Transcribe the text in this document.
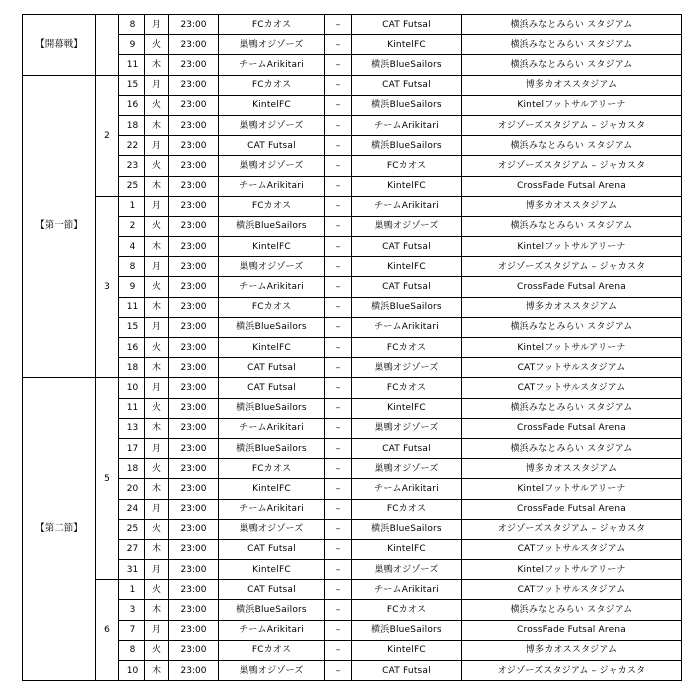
【開幕戦】		8	月	23:00	FCカオス	–	CAT Futsal	横浜みなとみらい スタジアム
		9	火	23:00	巣鴨オジゾーズ	–	KintelFC	横浜みなとみらい スタジアム
		11	木	23:00	チームArikitari	–	横浜BlueSailors	横浜みなとみらい スタジアム
【第一節】	2	15	月	23:00	FCカオス	–	CAT Futsal	博多カオススタジアム
		16	火	23:00	KintelFC	–	横浜BlueSailors	Kintelフットサルアリーナ
		18	木	23:00	巣鴨オジゾーズ	–	チームArikitari	オジゾーズスタジアム – ジャカスタ
		22	月	23:00	CAT Futsal	–	横浜BlueSailors	横浜みなとみらい スタジアム
		23	火	23:00	巣鴨オジゾーズ	–	FCカオス	オジゾーズスタジアム – ジャカスタ
		25	木	23:00	チームArikitari	–	KintelFC	CrossFade Futsal Arena
	3	1	月	23:00	FCカオス	–	チームArikitari	博多カオススタジアム
		2	火	23:00	横浜BlueSailors	–	巣鴨オジゾーズ	横浜みなとみらい スタジアム
		4	木	23:00	KintelFC	–	CAT Futsal	Kintelフットサルアリーナ
		8	月	23:00	巣鴨オジゾーズ	–	KintelFC	オジゾーズスタジアム – ジャカスタ
		9	火	23:00	チームArikitari	–	CAT Futsal	CrossFade Futsal Arena
		11	木	23:00	FCカオス	–	横浜BlueSailors	博多カオススタジアム
		15	月	23:00	横浜BlueSailors	–	チームArikitari	横浜みなとみらい スタジアム
		16	火	23:00	KintelFC	–	FCカオス	Kintelフットサルアリーナ
		18	木	23:00	CAT Futsal	–	巣鴨オジゾーズ	CATフットサルスタジアム
【第二節】	5	10	月	23:00	CAT Futsal	–	FCカオス	CATフットサルスタジアム
		11	火	23:00	横浜BlueSailors	–	KintelFC	横浜みなとみらい スタジアム
		13	木	23:00	チームArikitari	–	巣鴨オジゾーズ	CrossFade Futsal Arena
		17	月	23:00	横浜BlueSailors	–	CAT Futsal	横浜みなとみらい スタジアム
		18	火	23:00	FCカオス	–	巣鴨オジゾーズ	博多カオススタジアム
		20	木	23:00	KintelFC	–	チームArikitari	Kintelフットサルアリーナ
		24	月	23:00	チームArikitari	–	FCカオス	CrossFade Futsal Arena
		25	火	23:00	巣鴨オジゾーズ	–	横浜BlueSailors	オジゾーズスタジアム – ジャカスタ
		27	木	23:00	CAT Futsal	–	KintelFC	CATフットサルスタジアム
		31	月	23:00	KintelFC	–	巣鴨オジゾーズ	Kintelフットサルアリーナ
	6	1	火	23:00	CAT Futsal	–	チームArikitari	CATフットサルスタジアム
		3	木	23:00	横浜BlueSailors	–	FCカオス	横浜みなとみらい スタジアム
		7	月	23:00	チームArikitari	–	横浜BlueSailors	CrossFade Futsal Arena
		8	火	23:00	FCカオス	–	KintelFC	博多カオススタジアム
		10	木	23:00	巣鴨オジゾーズ	–	CAT Futsal	オジゾーズスタジアム – ジャカスタ
